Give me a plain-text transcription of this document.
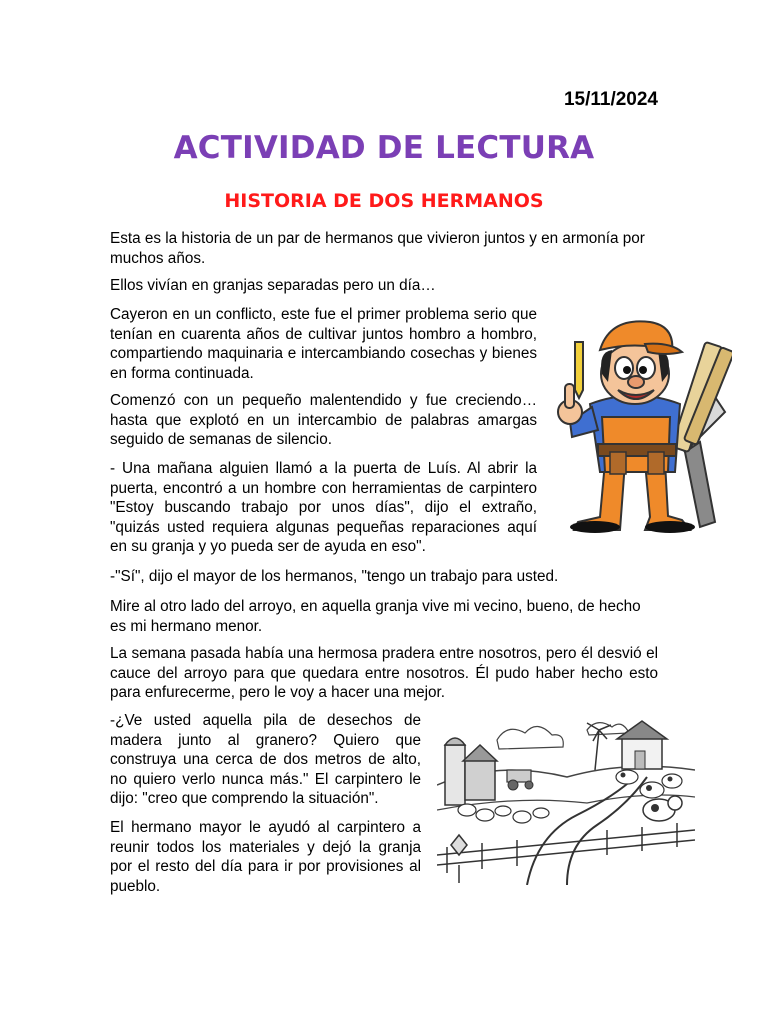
15/11/2024
ACTIVIDAD DE LECTURA
HISTORIA DE DOS HERMANOS

Esta es la historia de un par de hermanos que vivieron juntos y en armonía por muchos años.

Ellos vivían en granjas separadas pero un día…

Cayeron en un conflicto, este fue el primer problema serio que tenían en cuarenta años de cultivar juntos hombro a hombro, compartiendo maquinaria e intercambiando cosechas y bienes en forma continuada.

Comenzó con un pequeño malentendido y fue creciendo… hasta que explotó en un intercambio de palabras amargas seguido de semanas de silencio.

- Una mañana alguien llamó a la puerta de Luís. Al abrir la puerta, encontró a un hombre con herramientas de carpintero "Estoy buscando trabajo por unos días", dijo el extraño, "quizás usted requiera algunas pequeñas reparaciones aquí en su granja y yo pueda ser de ayuda en eso".

-"Sí", dijo el mayor de los hermanos, "tengo un trabajo para usted.

Mire al otro lado del arroyo, en aquella granja vive mi vecino, bueno, de hecho es mi hermano menor.

La semana pasada había una hermosa pradera entre nosotros, pero él desvió el cauce del arroyo para que quedara entre nosotros. Él pudo haber hecho esto para enfurecerme, pero le voy a hacer una mejor.

-¿Ve usted aquella pila de desechos de madera junto al granero? Quiero que construya una cerca de dos metros de alto, no quiero verlo nunca más." El carpintero le dijo: "creo que comprendo la situación".

El hermano mayor le ayudó al carpintero a reunir todos los materiales y dejó la granja por el resto del día para ir por provisiones al pueblo.
